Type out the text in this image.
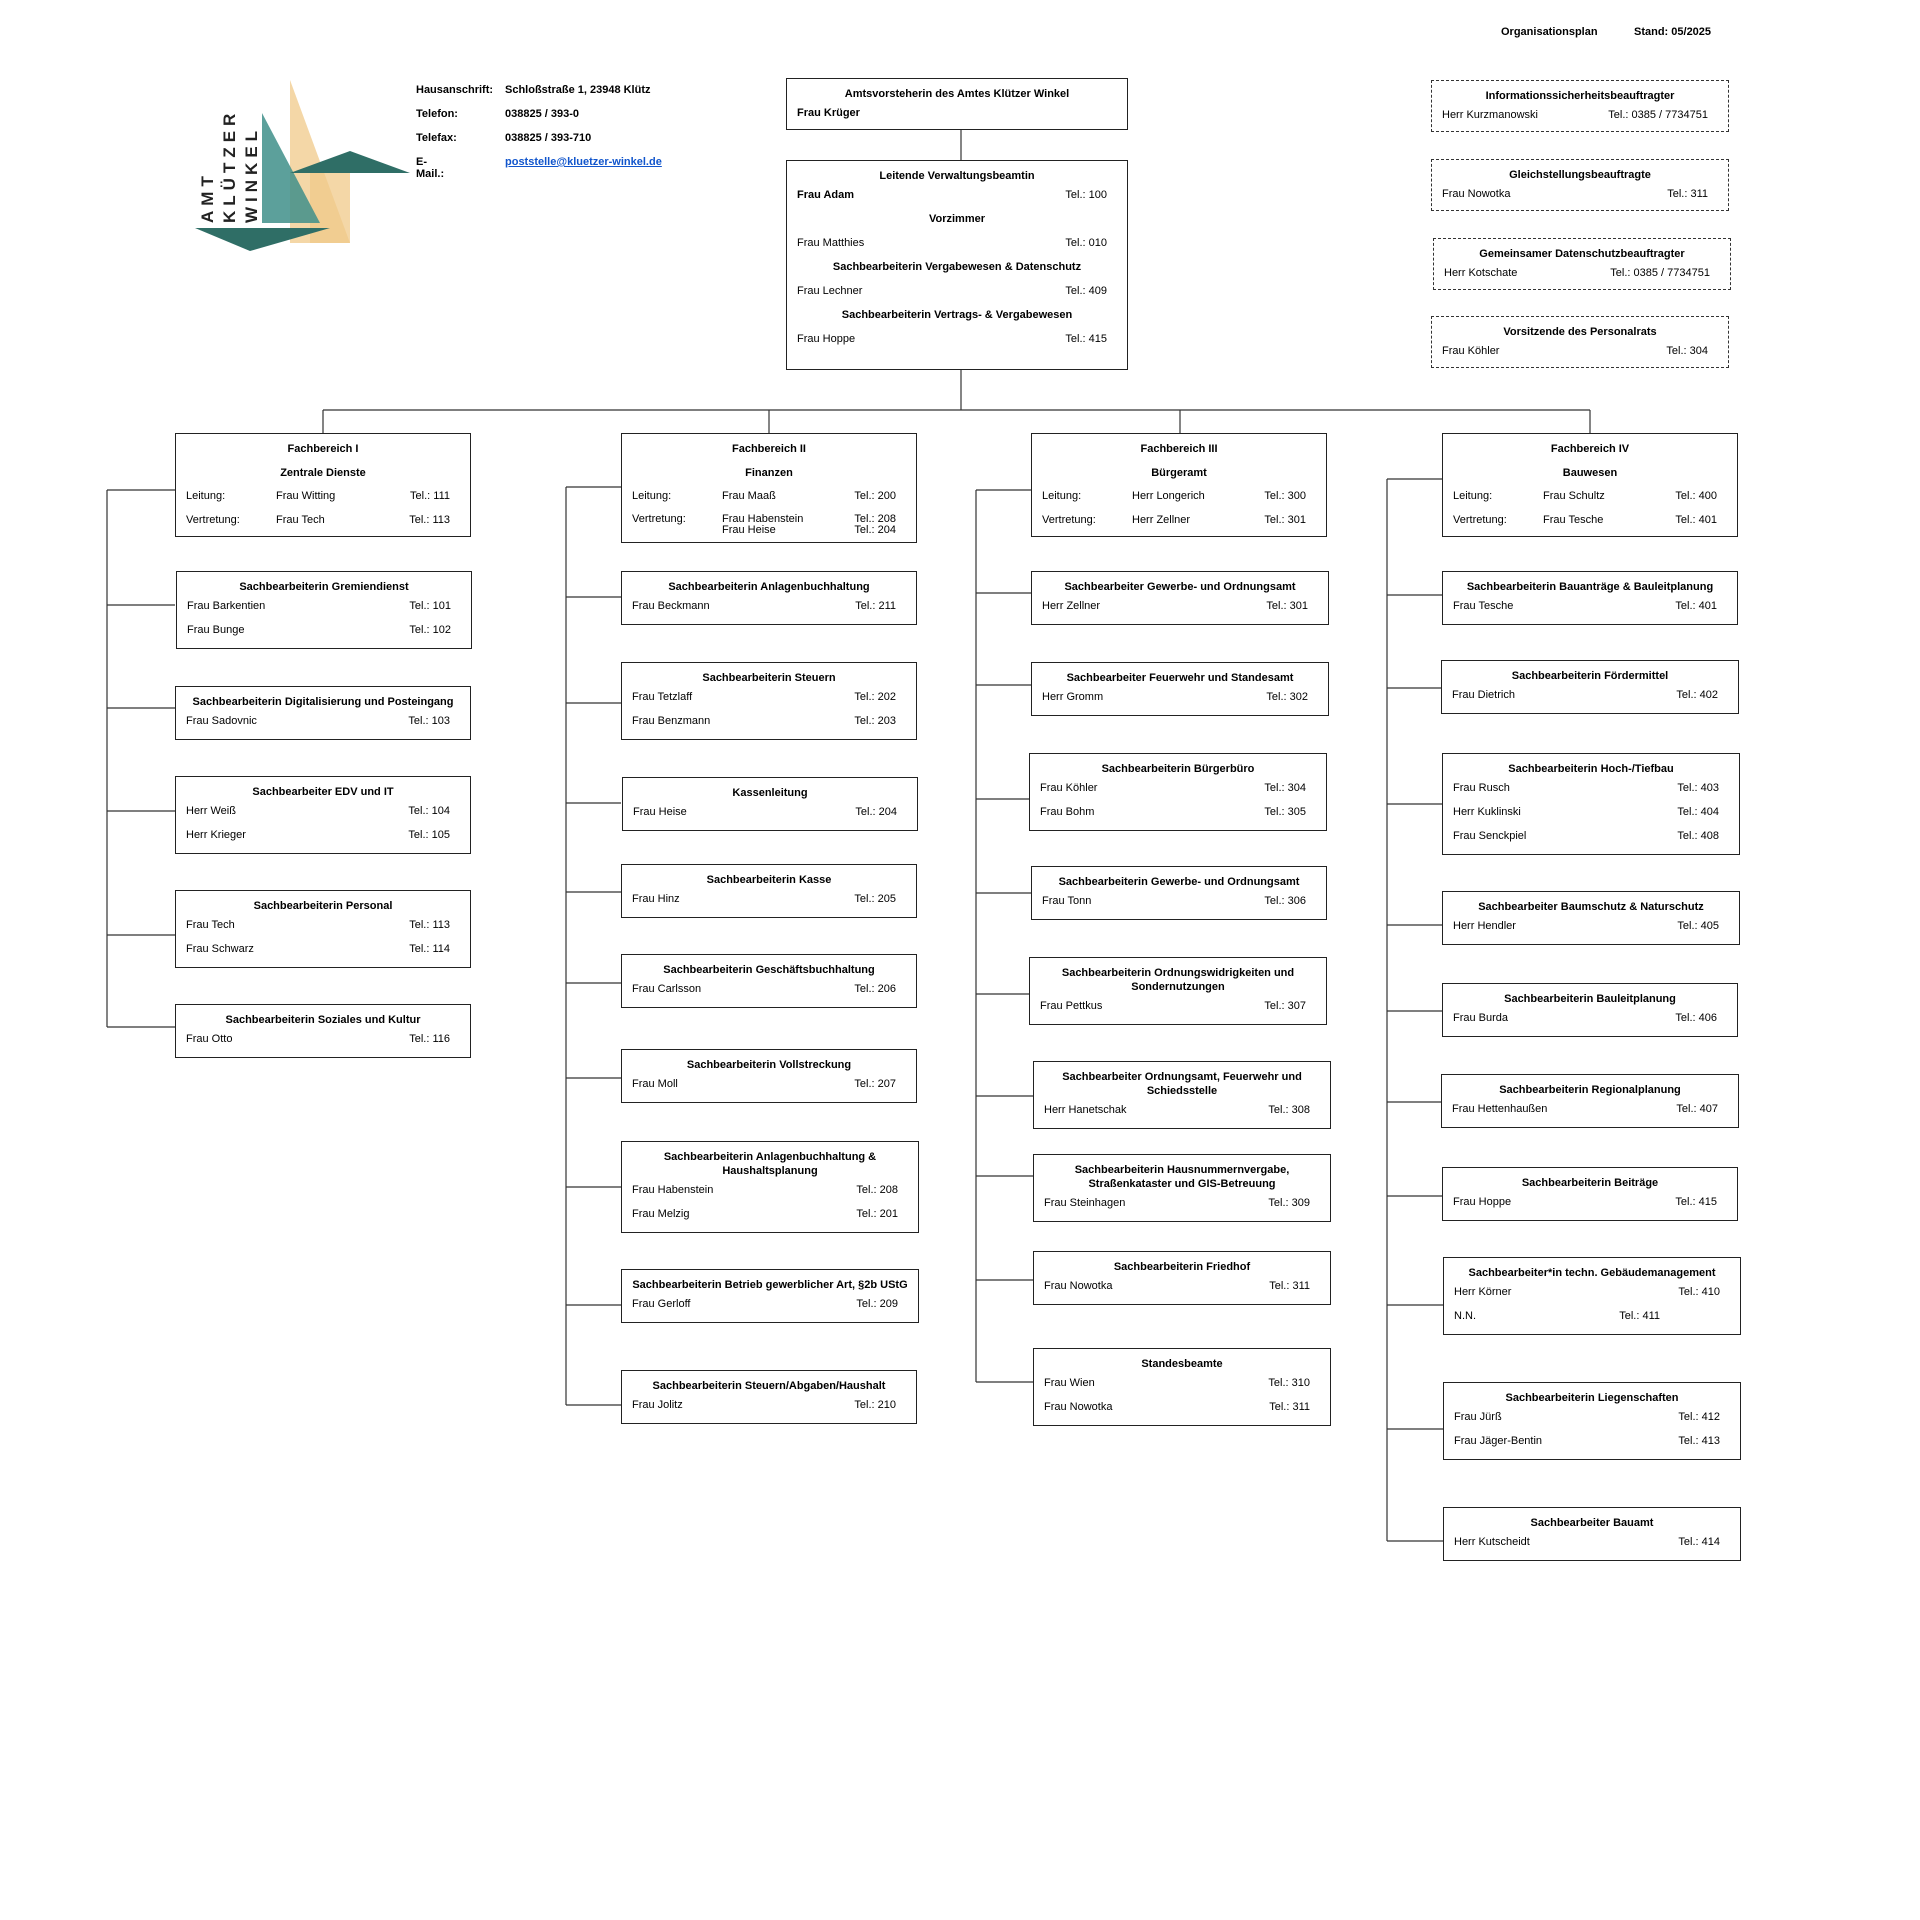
Organisationsplan	Stand: 05/2025
AMT KLÜTZER WINKEL
Hausanschrift: Schloßstraße 1, 23948 Klütz
Telefon:	038825 / 393-0
Telefax:	038825 / 393-710
E-Mail.:
poststelle@kluetzer-winkel.de
Amtsvorsteherin des Amtes Klützer Winkel
Frau Krüger
Leitende Verwaltungsbeamtin
Frau Adam	Tel.: 100
Vorzimmer
Frau Matthies	Tel.: 010
Sachbearbeiterin Vergabewesen & Datenschutz
Frau Lechner	Tel.: 409
Sachbearbeiterin Vertrags- & Vergabewesen
Frau Hoppe	Tel.: 415
Informationssicherheitsbeauftragter
Herr Kurzmanowski	Tel.: 0385 / 7734751
Gleichstellungsbeauftragte
Frau Nowotka	Tel.: 311
Gemeinsamer Datenschutzbeauftragter
Herr Kotschate	Tel.: 0385 / 7734751
Vorsitzende des Personalrats
Frau Köhler	Tel.: 304
Fachbereich I
Zentrale Dienste
Leitung:	Frau Witting	Tel.: 111
Vertretung:	Frau Tech	Tel.: 113
Fachbereich II
Finanzen
Leitung:	Frau Maaß	Tel.: 200
Vertretung:	Frau Habenstein	Tel.: 208
Frau Heise	Tel.: 204
Fachbereich III
Bürgeramt
Leitung:	Herr Longerich	Tel.: 300
Vertretung:	Herr Zellner	Tel.: 301
Fachbereich IV
Bauwesen
Leitung:	Frau Schultz	Tel.: 400
Vertretung:	Frau Tesche	Tel.: 401
Sachbearbeiterin Gremiendienst
Frau Barkentien	Tel.: 101
Frau Bunge	Tel.: 102
Sachbearbeiterin Digitalisierung und Posteingang
Frau Sadovnic	Tel.: 103
Sachbearbeiter EDV und IT
Herr Weiß	Tel.: 104
Herr Krieger	Tel.: 105
Sachbearbeiterin Personal
Frau Tech	Tel.: 113
Frau Schwarz	Tel.: 114
Sachbearbeiterin Soziales und Kultur
Frau Otto	Tel.: 116
Sachbearbeiterin Anlagenbuchhaltung
Frau Beckmann	Tel.: 211
Sachbearbeiterin Steuern
Frau Tetzlaff	Tel.: 202
Frau Benzmann	Tel.: 203
Kassenleitung
Frau Heise	Tel.: 204
Sachbearbeiterin Kasse
Frau Hinz	Tel.: 205
Sachbearbeiterin Geschäftsbuchhaltung
Frau Carlsson	Tel.: 206
Sachbearbeiterin Vollstreckung
Frau Moll	Tel.: 207
Sachbearbeiterin Anlagenbuchhaltung & Haushaltsplanung
Frau Habenstein	Tel.: 208
Frau Melzig	Tel.: 201
Sachbearbeiterin Betrieb gewerblicher Art, §2b UStG
Frau Gerloff	Tel.: 209
Sachbearbeiterin Steuern/Abgaben/Haushalt
Frau Jolitz	Tel.: 210
Sachbearbeiter Gewerbe- und Ordnungsamt
Herr Zellner	Tel.: 301
Sachbearbeiter Feuerwehr und Standesamt
Herr Gromm	Tel.: 302
Sachbearbeiterin Bürgerbüro
Frau Köhler	Tel.: 304
Frau Bohm	Tel.: 305
Sachbearbeiterin Gewerbe- und Ordnungsamt
Frau Tonn	Tel.: 306
Sachbearbeiterin Ordnungswidrigkeiten und Sondernutzungen
Frau Pettkus	Tel.: 307
Sachbearbeiter Ordnungsamt, Feuerwehr und Schiedsstelle
Herr Hanetschak	Tel.: 308
Sachbearbeiterin Hausnummernvergabe, Straßenkataster und GIS-Betreuung
Frau Steinhagen	Tel.: 309
Sachbearbeiterin Friedhof
Frau Nowotka	Tel.: 311
Standesbeamte
Frau Wien	Tel.: 310
Frau Nowotka	Tel.: 311
Sachbearbeiterin Bauanträge & Bauleitplanung
Frau Tesche	Tel.: 401
Sachbearbeiterin Fördermittel
Frau Dietrich	Tel.: 402
Sachbearbeiterin Hoch-/Tiefbau
Frau Rusch	Tel.: 403
Herr Kuklinski	Tel.: 404
Frau Senckpiel	Tel.: 408
Sachbearbeiter Baumschutz & Naturschutz
Herr Hendler	Tel.: 405
Sachbearbeiterin Bauleitplanung
Frau Burda	Tel.: 406
Sachbearbeiterin Regionalplanung
Frau Hettenhaußen	Tel.: 407
Sachbearbeiterin Beiträge
Frau Hoppe	Tel.: 415
Sachbearbeiter*in techn. Gebäudemanagement
Herr Körner	Tel.: 410
N.N.	Tel.: 411
Sachbearbeiterin Liegenschaften
Frau Jürß	Tel.: 412
Frau Jäger-Bentin	Tel.: 413
Sachbearbeiter Bauamt
Herr Kutscheidt	Tel.: 414
